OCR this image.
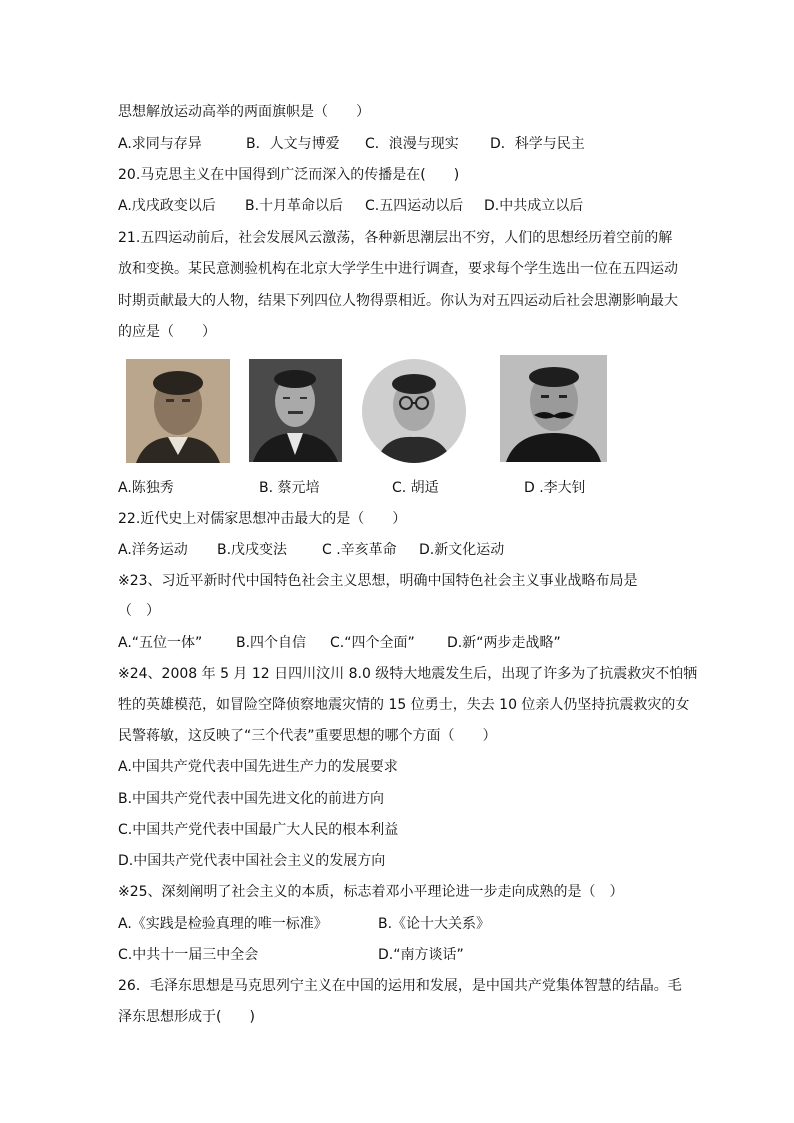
思想解放运动高举的两面旗帜是（　　）
A.求同与存异	B．人文与博爱 C．浪漫与现实 D．科学与民主
20.马克思主义在中国得到广泛而深入的传播是在(　　)
A.戊戌政变以后 B.十月革命以后 C.五四运动以后 D.中共成立以后
21.五四运动前后，社会发展风云激荡，各种新思潮层出不穷，人们的思想经历着空前的解
放和变换。某民意测验机构在北京大学学生中进行调查，要求每个学生选出一位在五四运动
时期贡献最大的人物，结果下列四位人物得票相近。你认为对五四运动后社会思潮影响最大
的应是（　　）
A.陈独秀	B. 蔡元培	C. 胡适	D .李大钊
22.近代史上对儒家思想冲击最大的是（　　）
A.洋务运动 B.戊戌变法 C .辛亥革命 D.新文化运动
※23、习近平新时代中国特色社会主义思想，明确中国特色社会主义事业战略布局是
（　）
A.“五位一体” B.四个自信 C.“四个全面” D.新“两步走战略”
※24、2008 年 5 月 12 日四川汶川 8.0 级特大地震发生后，出现了许多为了抗震救灾不怕牺
牲的英雄模范，如冒险空降侦察地震灾情的 15 位勇士，失去 10 位亲人仍坚持抗震救灾的女
民警蒋敏，这反映了“三个代表”重要思想的哪个方面（　　）
A.中国共产党代表中国先进生产力的发展要求
B.中国共产党代表中国先进文化的前进方向
C.中国共产党代表中国最广大人民的根本利益
D.中国共产党代表中国社会主义的发展方向
※25、深刻阐明了社会主义的本质，标志着邓小平理论进一步走向成熟的是（　）
A.《实践是检验真理的唯一标准》	B.《论十大关系》
C.中共十一届三中全会	D.“南方谈话”
26．毛泽东思想是马克思列宁主义在中国的运用和发展，是中国共产党集体智慧的结晶。毛
泽东思想形成于(　　)
